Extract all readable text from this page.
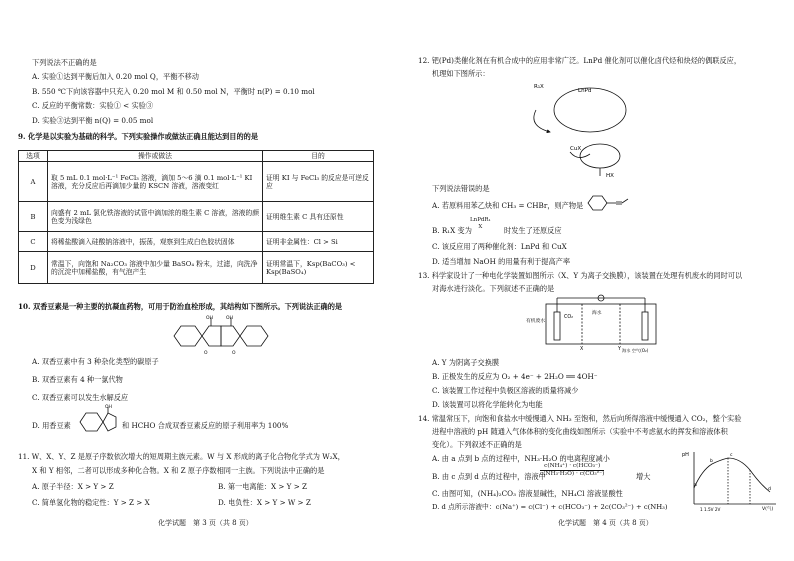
下列说法不正确的是
A. 实验①达到平衡后加入 0.20 mol Q，平衡不移动
B. 550 ℃下向该容器中只充入 0.20 mol M 和 0.50 mol N，平衡时 n(P) = 0.10 mol
C. 反应的平衡常数：实验① < 实验③
D. 实验③达到平衡 n(Q) = 0.05 mol
9. 化学是以实验为基础的科学。下列实验操作或做法正确且能达到目的的是
选项	操作或做法	目的
A	取 5 mL 0.1 mol·L⁻¹ FeCl₃ 溶液，滴加 5～6 滴 0.1 mol·L⁻¹ KI 溶液，充分反应后再滴加少量的 KSCN 溶液，溶液变红	证明 KI 与 FeCl₃ 的反应是可逆反应
B	向盛有 2 mL 氯化铁溶液的试管中滴加浓的维生素 C 溶液，溶液的颜色变为浅绿色	证明维生素 C 具有还原性
C	将稀盐酸滴入硅酸钠溶液中，振荡，观察到生成白色胶状固体	证明非金属性：Cl > Si
D	常温下，向饱和 Na₂CO₃ 溶液中加少量 BaSO₄ 粉末，过滤，向洗净的沉淀中加稀盐酸，有气泡产生	证明常温下，Ksp(BaCO₃) < Ksp(BaSO₄)
10. 双香豆素是一种主要的抗凝血药物，可用于防治血栓形成，其结构如下图所示。下列说法正确的是
OH	OH
O	O
A. 双香豆素中有 3 种杂化类型的碳原子
B. 双香豆素有 4 种一氯代物
C. 双香豆素可以发生水解反应
D. 用香豆素
OH
和 HCHO 合成双香豆素反应的原子利用率为 100%
11. W、X、Y、Z 是原子序数依次增大的短周期主族元素。W 与 X 形成的离子化合物化学式为 W₂X，
X 和 Y 相邻，二者可以形成多种化合物。X 和 Z 原子序数相同一主族。下列说法中正确的是
A. 原子半径：X > Y > Z	B. 第一电离能：X > Y > Z
C. 简单氢化物的稳定性：Y > Z > X	D. 电负性：X > Y > W > Z
化学试题　第 3 页（共 8 页）
12. 钯(Pd)类催化剂在有机合成中的应用非常广泛。LnPd 催化剂可以催化卤代烃和炔烃的偶联反应，
机理如下图所示：
LnPd
R₁X
CuX
HX
下列说法错误的是
A. 若原料用苯乙炔和 CH₃ = CHBr，则产物是
B. R₁X 变为
LnPdR₁
X	时发生了还原反应
C. 该反应用了两种催化剂：LnPd 和 CuX
D. 适当增加 NaOH 的用量有利于提高产率
13. 科学家设计了一种电化学装置如图所示（X、Y 为离子交换膜），该装置在处理有机废水的同时可以
对海水进行淡化。下列叙述不正确的是
有机废水
海水
X	Y
CO₂
海水 空气(O₂)
A. Y 为阴离子交换膜
B. 正极发生的反应为 O₂ + 4e⁻ + 2H₂O ══ 4OH⁻
C. 该装置工作过程中负极区溶液的质量将减少
D. 该装置可以将化学能转化为电能
14. 常温常压下，向饱和食盐水中缓慢通入 NH₃ 至饱和，然后向所得溶液中缓慢通入 CO₂，整个实验
进程中溶液的 pH 随通入气体体积的变化曲线如图所示（实验中不考虑氨水的挥发和溶液体积
变化）。下列叙述不正确的是
A. 由 a 点到 b 点的过程中，NH₃·H₂O 的电离程度减小
B. 由 c 点到 d 点的过程中，溶液中
c(NH₄⁺) · c(HCO₃⁻)
c(NH₃·H₂O) · c(CO₃²⁻)	增大
C. 由图可知，(NH₄)₂CO₃ 溶液显碱性，NH₄Cl 溶液显酸性
D. d 点所示溶液中：c(Na⁺) = c(Cl⁻) + c(HCO₃⁻) + 2c(CO₃²⁻) + c(NH₃)
pH
V(气)
a
b
c
d
1 1.5V 2V
化学试题　第 4 页（共 8 页）
